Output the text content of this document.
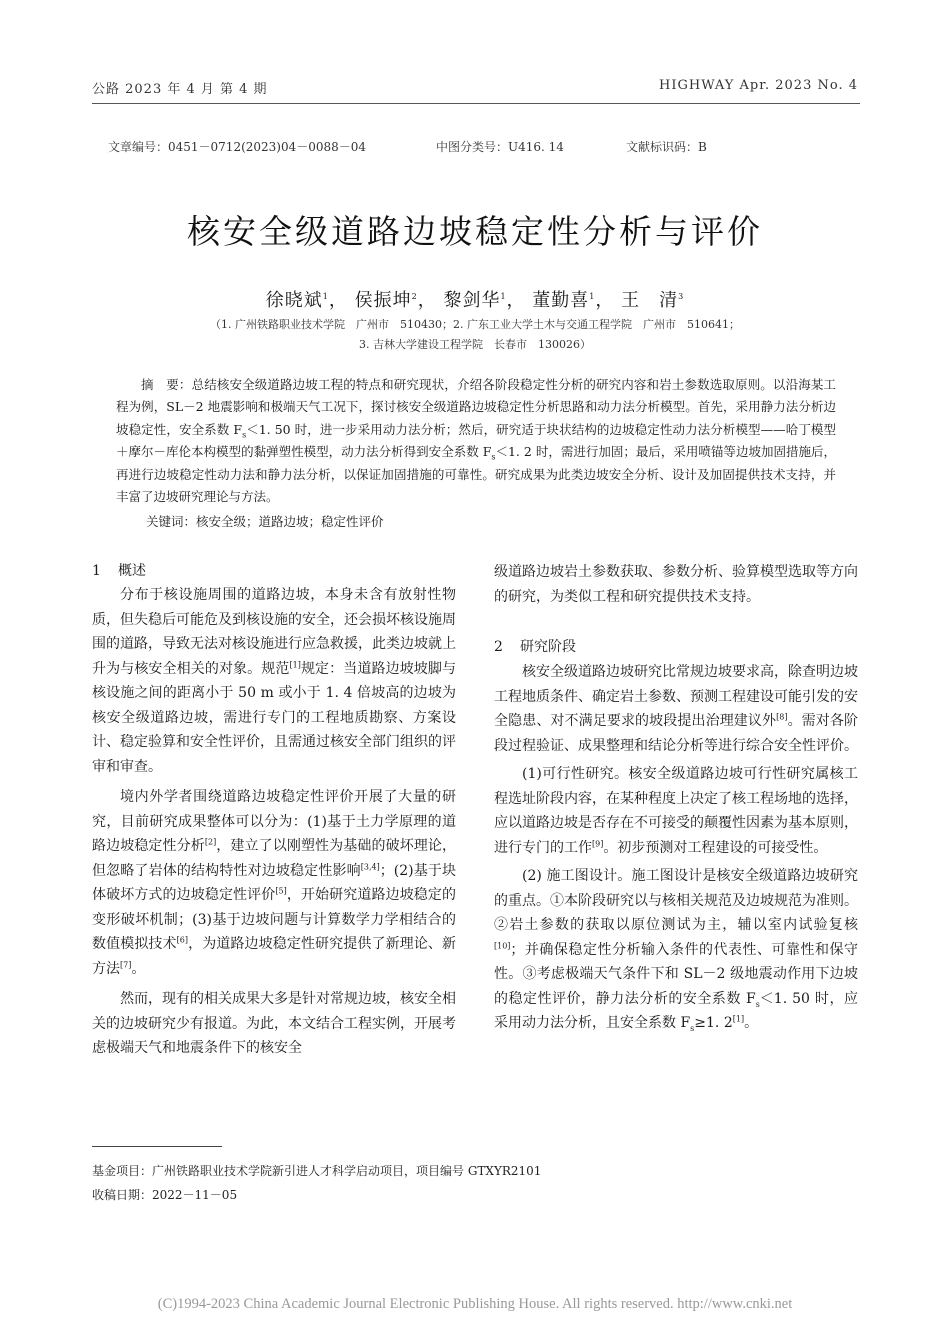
公路 2023 年 4 月 第 4 期	HIGHWAY Apr. 2023 No. 4
文章编号：0451－0712(2023)04－0088－04	中图分类号：U416. 14	文献标识码：B
核安全级道路边坡稳定性分析与评价
徐晓斌$^1$， 侯振坤$^2$， 黎剑华$^1$， 董勤喜$^1$， 王　清$^3$
（1. 广州铁路职业技术学院　广州市　510430；2. 广东工业大学土木与交通工程学院　广州市　510641；
3. 吉林大学建设工程学院　长春市　130026）
摘　要：总结核安全级道路边坡工程的特点和研究现状，介绍各阶段稳定性分析的研究内容和岩土参数选取原则。以沿海某工程为例，SL－2 地震影响和极端天气工况下，探讨核安全级道路边坡稳定性分析思路和动力法分析模型。首先，采用静力法分析边坡稳定性，安全系数 $F_s<1$. 50 时，进一步采用动力法分析；然后，研究适于块状结构的边坡稳定性动力法分析模型——哈丁模型＋摩尔－库伦本构模型的黏弹塑性模型，动力法分析得到安全系数 $F_s<1$. 2 时，需进行加固；最后，采用喷锚等边坡加固措施后，再进行边坡稳定性动力法和静力法分析，以保证加固措施的可靠性。研究成果为此类边坡安全分析、设计及加固提供技术支持，并丰富了边坡研究理论与方法。
关键词：核安全级；道路边坡；稳定性评价
1 概述

分布于核设施周围的道路边坡，本身未含有放射性物质，但失稳后可能危及到核设施的安全，还会损坏核设施周围的道路，导致无法对核设施进行应急救援，此类边坡就上升为与核安全相关的对象。规范[1]规定：当道路边坡坡脚与核设施之间的距离小于 50 m 或小于 1. 4 倍坡高的边坡为核安全级道路边坡，需进行专门的工程地质勘察、方案设计、稳定验算和安全性评价，且需通过核安全部门组织的评审和审查。

境内外学者围绕道路边坡稳定性评价开展了大量的研究，目前研究成果整体可以分为：(1)基于土力学原理的道路边坡稳定性分析[2]，建立了以刚塑性为基础的破坏理论，但忽略了岩体的结构特性对边坡稳定性影响[3,4]；(2)基于块体破坏方式的边坡稳定性评价[5]，开始研究道路边坡稳定的变形破坏机制；(3)基于边坡问题与计算数学力学相结合的数值模拟技术[6]，为道路边坡稳定性研究提供了新理论、新方法[7]。

然而，现有的相关成果大多是针对常规边坡，核安全相关的边坡研究少有报道。为此，本文结合工程实例，开展考虑极端天气和地震条件下的核安全

级道路边坡岩土参数获取、参数分析、验算模型选取等方向的研究，为类似工程和研究提供技术支持。

2 研究阶段

核安全级道路边坡研究比常规边坡要求高，除查明边坡工程地质条件、确定岩土参数、预测工程建设可能引发的安全隐患、对不满足要求的坡段提出治理建议外[8]。需对各阶段过程验证、成果整理和结论分析等进行综合安全性评价。

(1)可行性研究。核安全级道路边坡可行性研究属核工程选址阶段内容，在某种程度上决定了核工程场地的选择，应以道路边坡是否存在不可接受的颠覆性因素为基本原则，进行专门的工作[9]。初步预测对工程建设的可接受性。

(2) 施工图设计。施工图设计是核安全级道路边坡研究的重点。①本阶段研究以与核相关规范及边坡规范为准则。②岩土参数的获取以原位测试为主，辅以室内试验复核[10]；并确保稳定性分析输入条件的代表性、可靠性和保守性。③考虑极端天气条件下和 SL－2 级地震动作用下边坡的稳定性评价，静力法分析的安全系数 $F_s<1$. 50 时，应采用动力法分析，且安全系数 $F_s\ge 1$. 2[1]。

基金项目：广州铁路职业技术学院新引进人才科学启动项目，项目编号 GTXYR2101
收稿日期：2022－11－05
(C)1994-2023 China Academic Journal Electronic Publishing House. All rights reserved. http://www.cnki.net
